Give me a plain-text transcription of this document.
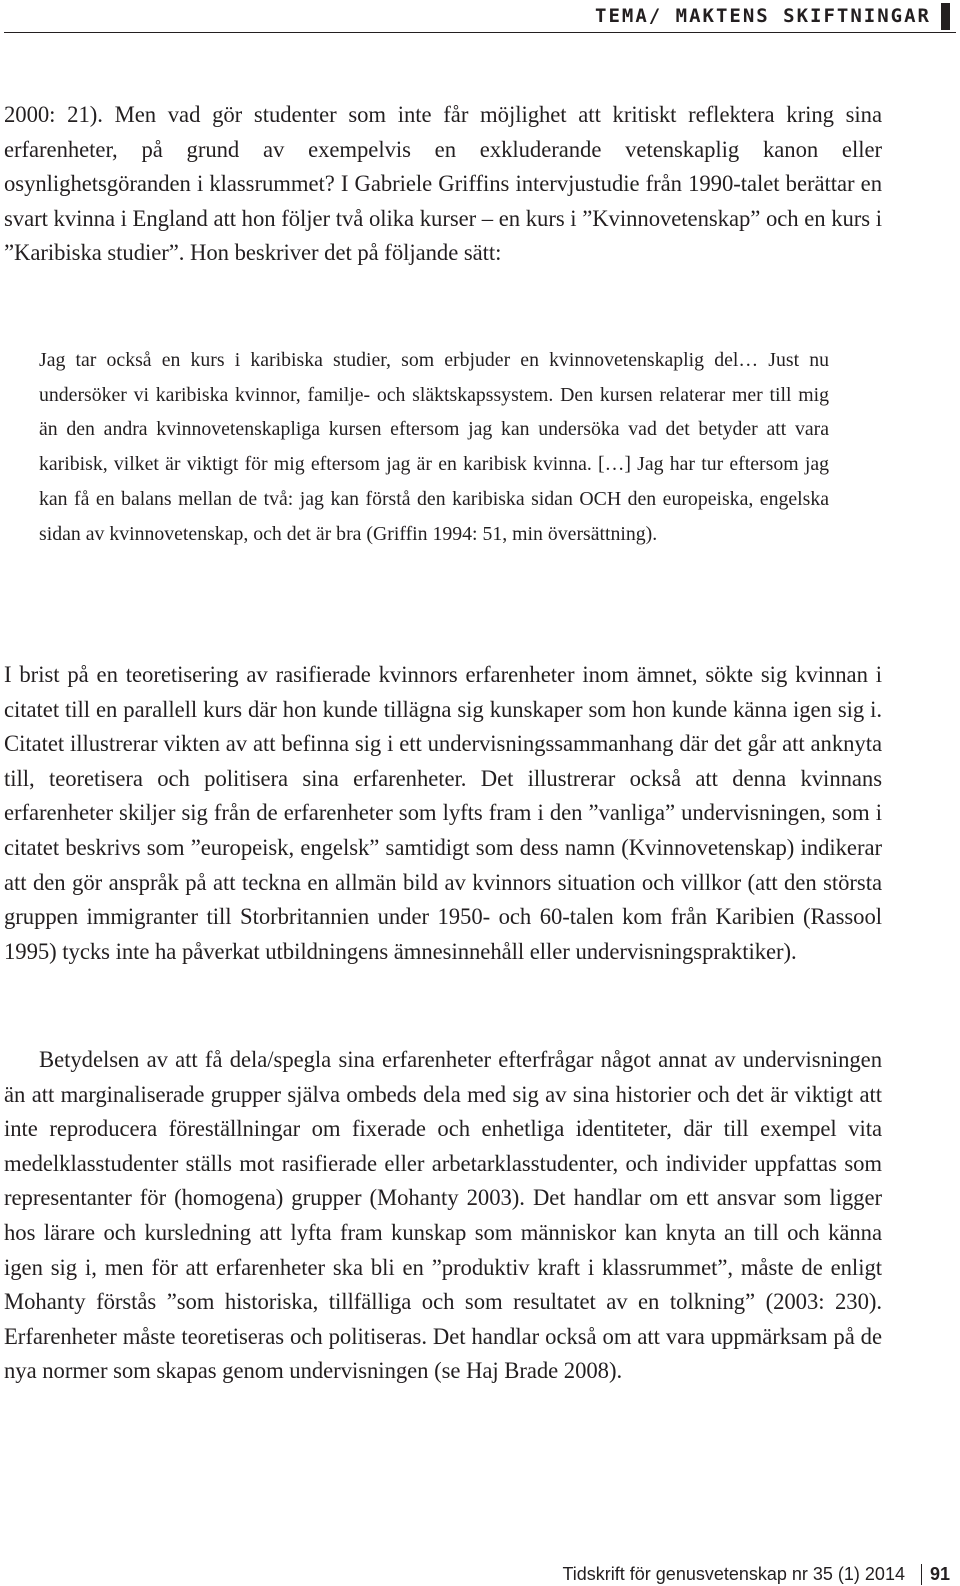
TEMA/ MAKTENS SKIFTNINGAR

2000: 21). Men vad gör studenter som inte får möjlighet att kritiskt reflektera kring sina erfarenheter, på grund av exempelvis en exkluderande vetenskaplig kanon eller osynlighetsgöranden i klassrummet? I Gabriele Griffins intervjustudie från 1990-talet berättar en svart kvinna i England att hon följer två olika kurser – en kurs i ”Kvinnovetenskap” och en kurs i ”Karibiska studier”. Hon beskriver det på följande sätt:

Jag tar också en kurs i karibiska studier, som erbjuder en kvinnovetenskaplig del… Just nu undersöker vi karibiska kvinnor, familje- och släktskapssystem. Den kursen relaterar mer till mig än den andra kvinnovetenskapliga kursen eftersom jag kan undersöka vad det betyder att vara karibisk, vilket är viktigt för mig eftersom jag är en karibisk kvinna. […] Jag har tur eftersom jag kan få en balans mellan de två: jag kan förstå den karibiska sidan OCH den europeiska, engelska sidan av kvinnovetenskap, och det är bra (Griffin 1994: 51, min översättning).

I brist på en teoretisering av rasifierade kvinnors erfarenheter inom ämnet, sökte sig kvinnan i citatet till en parallell kurs där hon kunde tillägna sig kunskaper som hon kunde känna igen sig i. Citatet illustrerar vikten av att befinna sig i ett undervisningssammanhang där det går att anknyta till, teoretisera och politisera sina erfarenheter. Det illustrerar också att denna kvinnans erfarenheter skiljer sig från de erfarenheter som lyfts fram i den ”vanliga” undervisningen, som i citatet beskrivs som ”europeisk, engelsk” samtidigt som dess namn (Kvinnovetenskap) indikerar att den gör anspråk på att teckna en allmän bild av kvinnors situation och villkor (att den största gruppen immigranter till Storbritannien under 1950- och 60-talen kom från Karibien (Rassool 1995) tycks inte ha påverkat utbildningens ämnesinnehåll eller undervisningspraktiker).

Betydelsen av att få dela/spegla sina erfarenheter efterfrågar något annat av undervisningen än att marginaliserade grupper själva ombeds dela med sig av sina historier och det är viktigt att inte reproducera föreställningar om fixerade och enhetliga identiteter, där till exempel vita medelklasstudenter ställs mot rasifierade eller arbetarklasstudenter, och individer uppfattas som representanter för (homogena) grupper (Mohanty 2003). Det handlar om ett ansvar som ligger hos lärare och kursledning att lyfta fram kunskap som människor kan knyta an till och känna igen sig i, men för att erfarenheter ska bli en ”produktiv kraft i klassrummet”, måste de enligt Mohanty förstås ”som historiska, tillfälliga och som resultatet av en tolkning” (2003: 230). Erfarenheter måste teoretiseras och politiseras. Det handlar också om att vara uppmärksam på de nya normer som skapas genom undervisningen (se Haj Brade 2008).

Tidskrift för genusvetenskap nr 35 (1) 2014	91
